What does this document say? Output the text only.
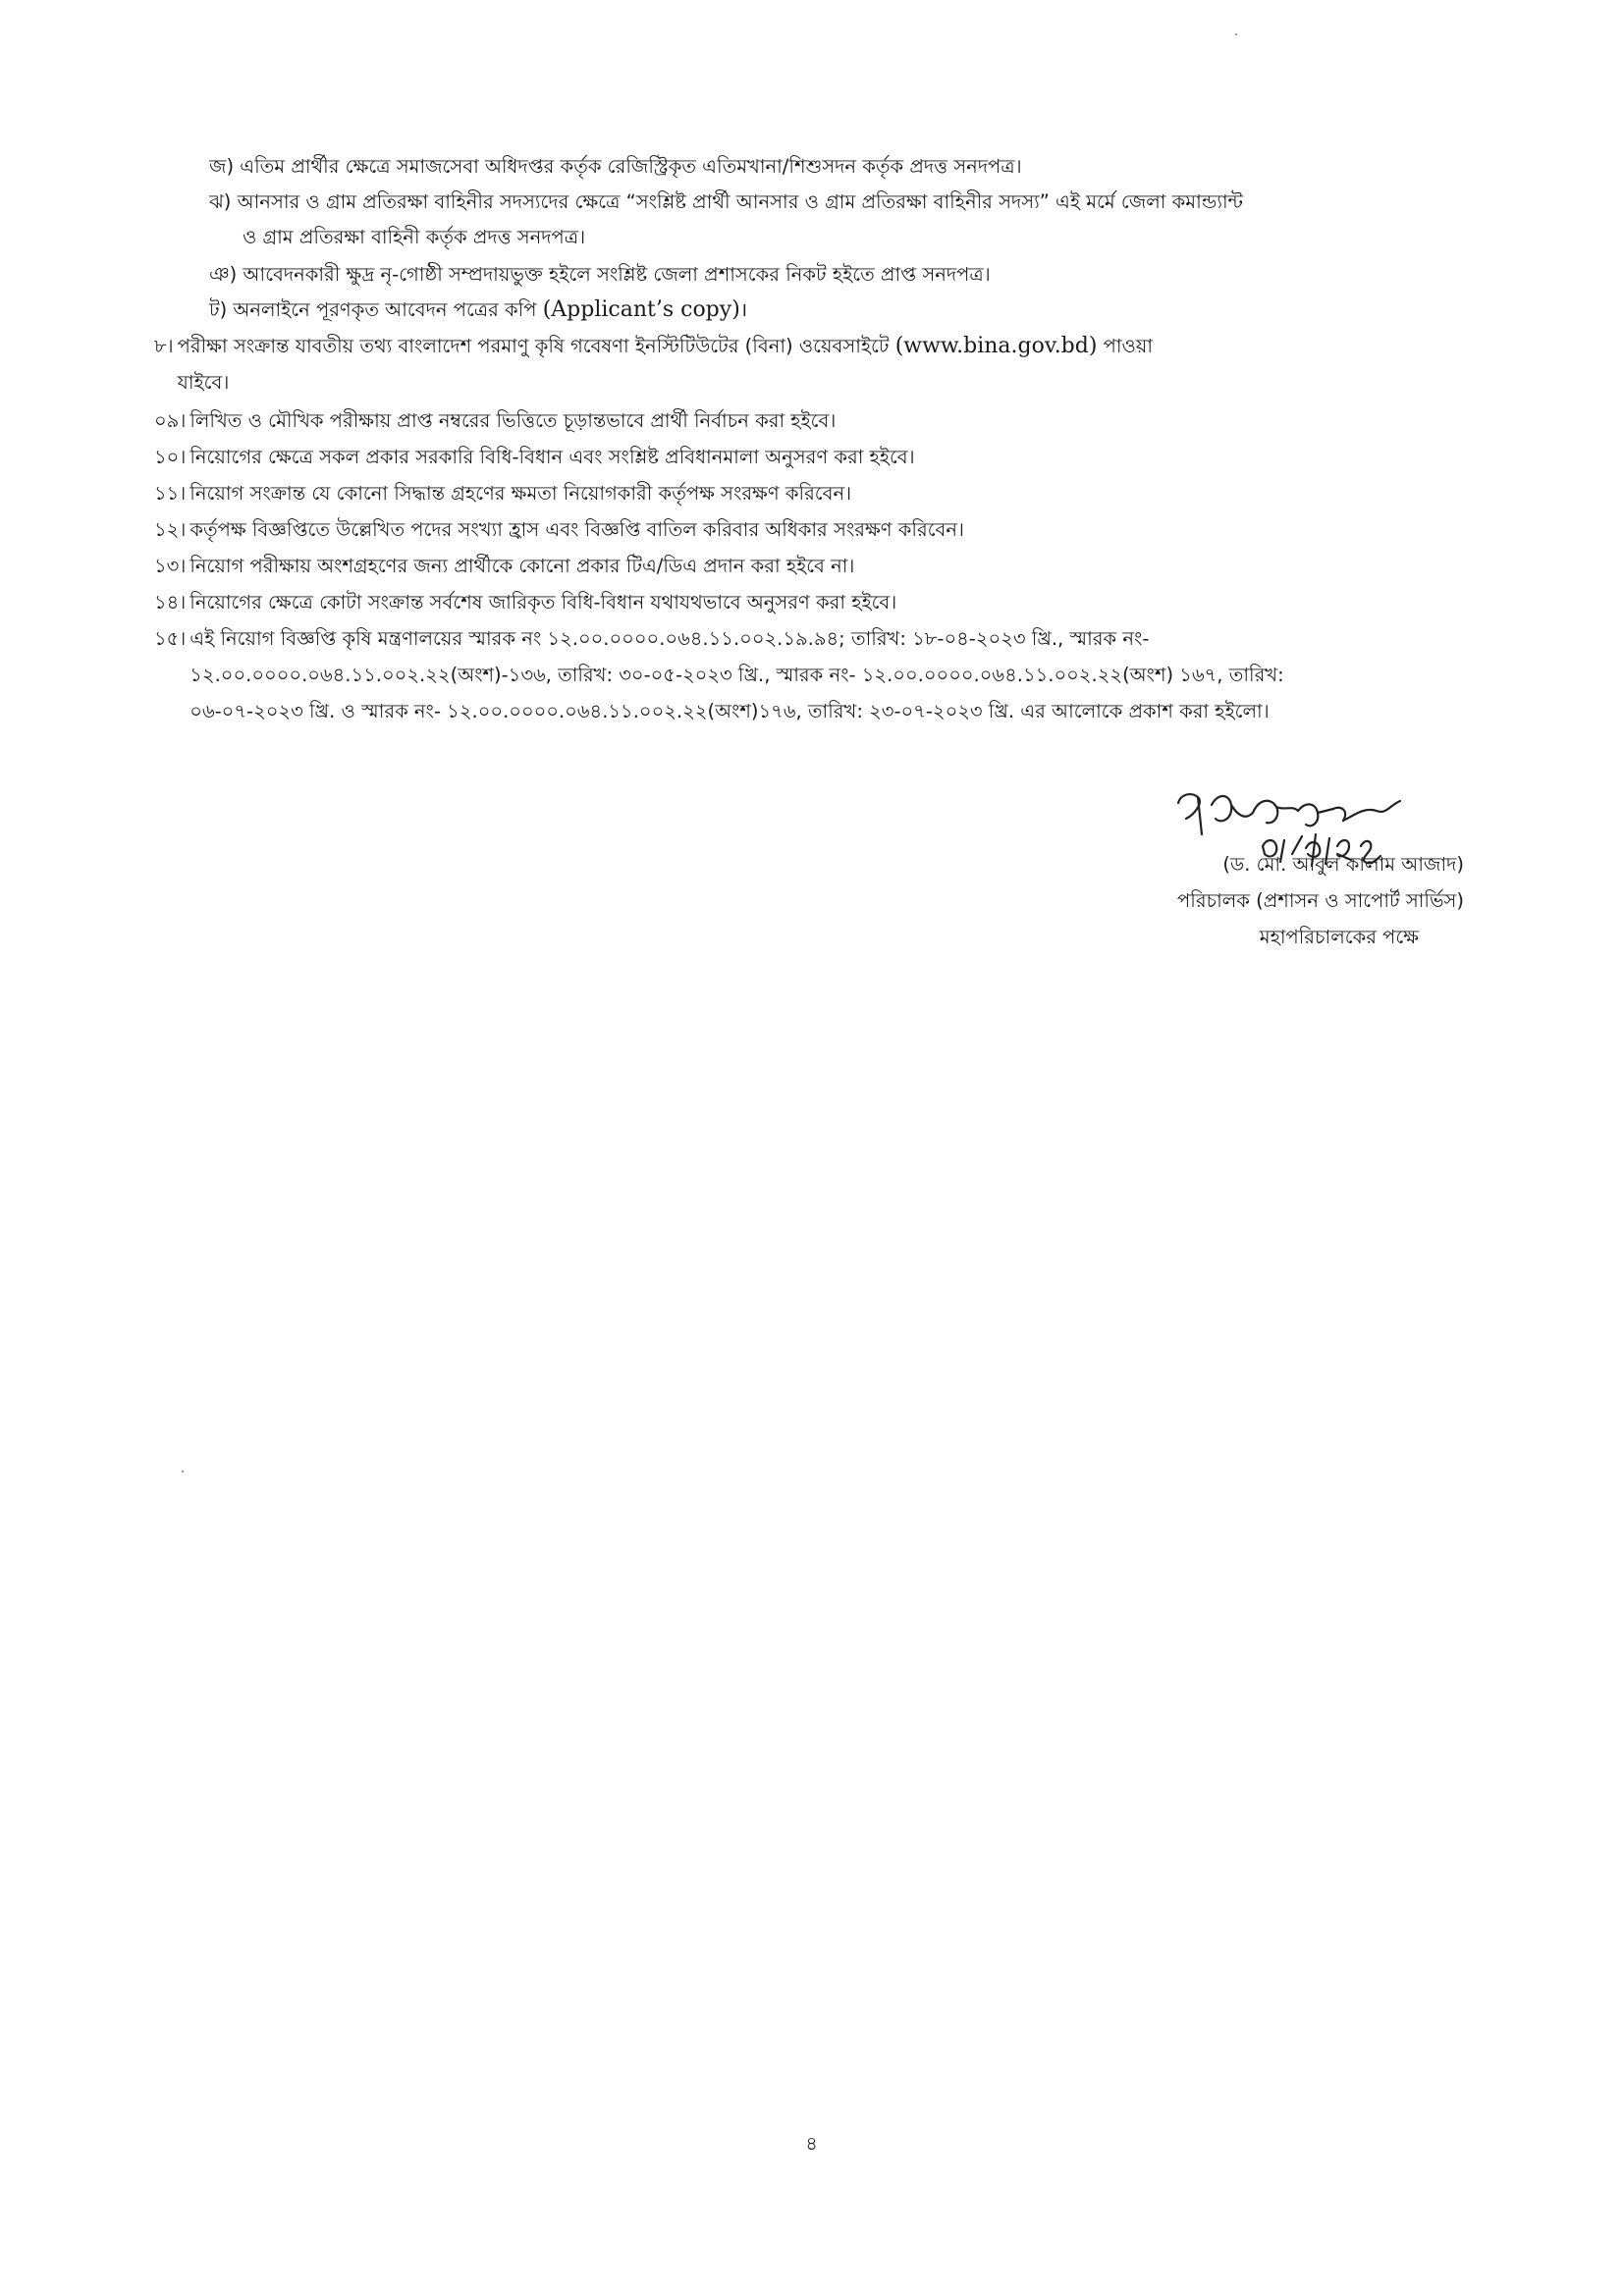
জ) এতিম প্রার্থীর ক্ষেত্রে সমাজসেবা অধিদপ্তর কর্তৃক রেজিস্ট্রিকৃত এতিমখানা/শিশুসদন কর্তৃক প্রদত্ত সনদপত্র।
ঝ) আনসার ও গ্রাম প্রতিরক্ষা বাহিনীর সদস্যদের ক্ষেত্রে “সংশ্লিষ্ট প্রার্থী আনসার ও গ্রাম প্রতিরক্ষা বাহিনীর সদস্য” এই মর্মে জেলা কমান্ড্যান্ট
ও গ্রাম প্রতিরক্ষা বাহিনী কর্তৃক প্রদত্ত সনদপত্র।
ঞ) আবেদনকারী ক্ষুদ্র নৃ-গোষ্ঠী সম্প্রদায়ভুক্ত হইলে সংশ্লিষ্ট জেলা প্রশাসকের নিকট হইতে প্রাপ্ত সনদপত্র।
ট) অনলাইনে পূরণকৃত আবেদন পত্রের কপি (Applicant’s copy)।
৮। পরীক্ষা সংক্রান্ত যাবতীয় তথ্য বাংলাদেশ পরমাণু কৃষি গবেষণা ইনস্টিটিউটের (বিনা) ওয়েবসাইটে (www.bina.gov.bd) পাওয়া
যাইবে।
০৯। লিখিত ও মৌখিক পরীক্ষায় প্রাপ্ত নম্বরের ভিত্তিতে চূড়ান্তভাবে প্রার্থী নির্বাচন করা হইবে।
১০। নিয়োগের ক্ষেত্রে সকল প্রকার সরকারি বিধি-বিধান এবং সংশ্লিষ্ট প্রবিধানমালা অনুসরণ করা হইবে।
১১। নিয়োগ সংক্রান্ত যে কোনো সিদ্ধান্ত গ্রহণের ক্ষমতা নিয়োগকারী কর্তৃপক্ষ সংরক্ষণ করিবেন।
১২। কর্তৃপক্ষ বিজ্ঞপ্তিতে উল্লেখিত পদের সংখ্যা হ্রাস এবং বিজ্ঞপ্তি বাতিল করিবার অধিকার সংরক্ষণ করিবেন।
১৩। নিয়োগ পরীক্ষায় অংশগ্রহণের জন্য প্রার্থীকে কোনো প্রকার টিএ/ডিএ প্রদান করা হইবে না।
১৪। নিয়োগের ক্ষেত্রে কোটা সংক্রান্ত সর্বশেষ জারিকৃত বিধি-বিধান যথাযথভাবে অনুসরণ করা হইবে।
১৫। এই নিয়োগ বিজ্ঞপ্তি কৃষি মন্ত্রণালয়ের স্মারক নং ১২.০০.০০০০.০৬৪.১১.০০২.১৯.৯৪; তারিখ: ১৮-০৪-২০২৩ খ্রি., স্মারক নং-
১২.০০.০০০০.০৬৪.১১.০০২.২২(অংশ)-১৩৬, তারিখ: ৩০-০৫-২০২৩ খ্রি., স্মারক নং- ১২.০০.০০০০.০৬৪.১১.০০২.২২(অংশ) ১৬৭, তারিখ:
০৬-০৭-২০২৩ খ্রি. ও স্মারক নং- ১২.০০.০০০০.০৬৪.১১.০০২.২২(অংশ)১৭৬, তারিখ: ২৩-০৭-২০২৩ খ্রি. এর আলোকে প্রকাশ করা হইলো।
(ড. মো. আবুল কালাম আজাদ)
পরিচালক (প্রশাসন ও সাপোর্ট সার্ভিস)
মহাপরিচালকের পক্ষে
৪
